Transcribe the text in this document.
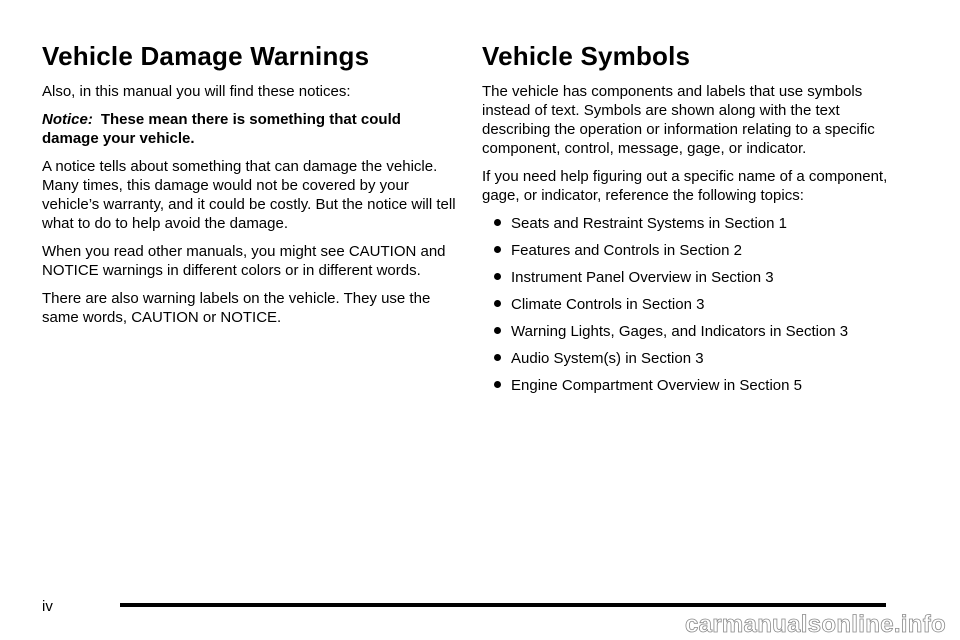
Vehicle Damage Warnings

Also, in this manual you will find these notices:

Notice: These mean there is something that could damage your vehicle.

A notice tells about something that can damage the vehicle. Many times, this damage would not be covered by your vehicle’s warranty, and it could be costly. But the notice will tell what to do to help avoid the damage.

When you read other manuals, you might see CAUTION and NOTICE warnings in different colors or in different words.

There are also warning labels on the vehicle. They use the same words, CAUTION or NOTICE.

Vehicle Symbols

The vehicle has components and labels that use symbols instead of text. Symbols are shown along with the text describing the operation or information relating to a specific component, control, message, gage, or indicator.

If you need help figuring out a specific name of a component, gage, or indicator, reference the following topics:

Seats and Restraint Systems in Section 1
Features and Controls in Section 2
Instrument Panel Overview in Section 3
Climate Controls in Section 3
Warning Lights, Gages, and Indicators in Section 3
Audio System(s) in Section 3
Engine Compartment Overview in Section 5
iv
carmanualsonline.info
